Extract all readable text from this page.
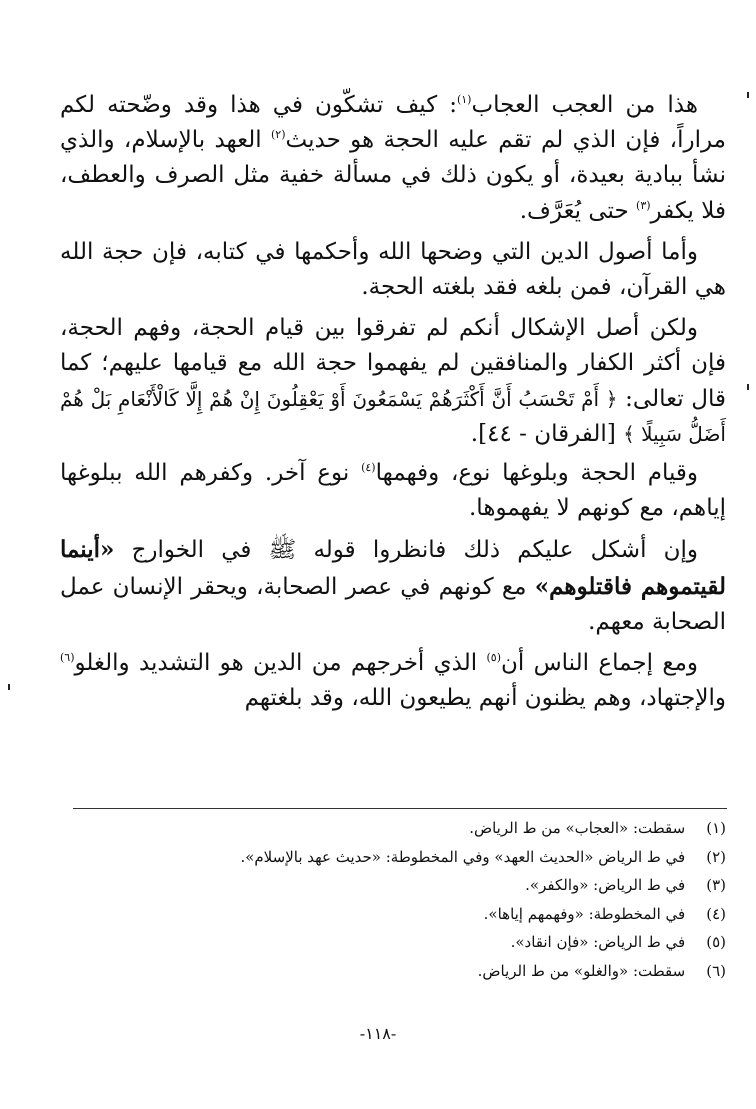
هذا من العجب العجاب$^{(١)}$: كيف تشكّون في هذا وقد وضّحته لكم مراراً، فإن الذي لم تقم عليه الحجة هو حديث$^{(٢)}$ العهد بالإسلام، والذي نشأ ببادية بعيدة، أو يكون ذلك في مسألة خفية مثل الصرف والعطف، فلا يكفر$^{(٣)}$ حتى يُعَرَّف.

وأما أصول الدين التي وضحها الله وأحكمها في كتابه، فإن حجة الله هي القرآن، فمن بلغه فقد بلغته الحجة.

ولكن أصل الإشكال أنكم لم تفرقوا بين قيام الحجة، وفهم الحجة، فإن أكثر الكفار والمنافقين لم يفهموا حجة الله مع قيامها عليهم؛ كما قال تعالى: ﴿ أَمْ تَحْسَبُ أَنَّ أَكْثَرَهُمْ يَسْمَعُونَ أَوْ يَعْقِلُونَ إِنْ هُمْ إِلَّا كَالْأَنْعَامِ بَلْ هُمْ أَضَلُّ سَبِيلًا ﴾ [الفرقان - ٤٤].

وقيام الحجة وبلوغها نوع، وفهمها$^{(٤)}$ نوع آخر. وكفرهم الله ببلوغها إياهم، مع كونهم لا يفهموها.

وإن أشكل عليكم ذلك فانظروا قوله ﷺ في الخوارج «أينما لقيتموهم فاقتلوهم» مع كونهم في عصر الصحابة، ويحقر الإنسان عمل الصحابة معهم.

ومع إجماع الناس أن$^{(٥)}$ الذي أخرجهم من الدين هو التشديد والغلو$^{(٦)}$ والإجتهاد، وهم يظنون أنهم يطيعون الله، وقد بلغتهم

(١) سقطت: «العجاب» من ط الرياض.
(٢) في ط الرياض «الحديث العهد» وفي المخطوطة: «حديث عهد بالإسلام».
(٣) في ط الرياض: «والكفر».
(٤) في المخطوطة: «وفهمهم إياها».
(٥) في ط الرياض: «فإن انقاد».
(٦) سقطت: «والغلو» من ط الرياض.
-١١٨-
